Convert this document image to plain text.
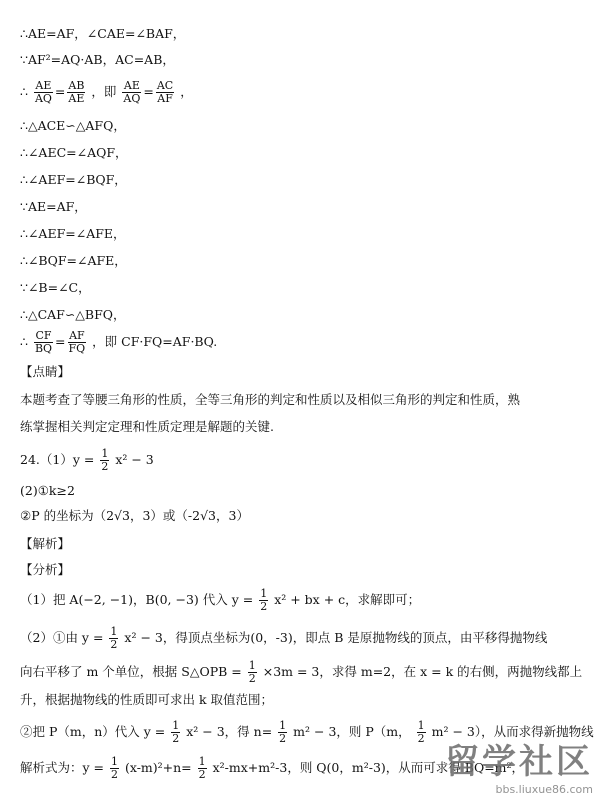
∴AE=AF，∠CAE=∠BAF，
∵AF²=AQ·AB，AC=AB，
∴ $\frac{AE}{AQ} = \frac{AB}{AE}$ ，即 $\frac{AE}{AQ} = \frac{AC}{AF}$ ，
∴△ACE∽△AFQ，
∴∠AEC=∠AQF，
∴∠AEF=∠BQF，
∵AE=AF，
∴∠AEF=∠AFE，
∴∠BQF=∠AFE，
∵∠B=∠C，
∴△CAF∽△BFQ，
∴ $\frac{CF}{BQ} = \frac{AF}{FQ}$ ，即 CF·FQ=AF·BQ.
【点睛】
本题考查了等腰三角形的性质，全等三角形的判定和性质以及相似三角形的判定和性质，熟
练掌握相关判定定理和性质定理是解题的关键.
$24.(1)y = \frac{1}{2} x^2 - 3$
(2)①k≥2
②P 的坐标为（2√3，3）或（-2√3，3）
【解析】
【分析】
（1）把 A(−2, −1)，B(0, −3) 代入 $y = \frac{1}{2} x^2$ + bx + c，求解即可；
（2）①由 $y = \frac{1}{2} x^2 - 3$，得顶点坐标为(0，-3)，即点 B 是原抛物线的顶点，由平移得抛物线
向右平移了 m 个单位，根据 S△OPB = $\frac{1}{2} \times 3m = 3$，求得 m=2，在 x = k 的右侧，两抛物线都上
升，根据抛物线的性质即可求出 k 取值范围；
②把 P（m，n）代入 $y = \frac{1}{2} x^2 - 3$，得 $n= \frac{1}{2} m^2 - 3$，则 P（m， $\frac{1}{2} m^2 - 3$），从而求得新抛物线
解析式为：$y = \frac{1}{2} (x-m)^2+n= \frac{1}{2} x^2-mx+m^2-3$，则 Q(0，m²-3)，从而可求得 BQ=m²，
留学社区
bbs.liuxue86.com
